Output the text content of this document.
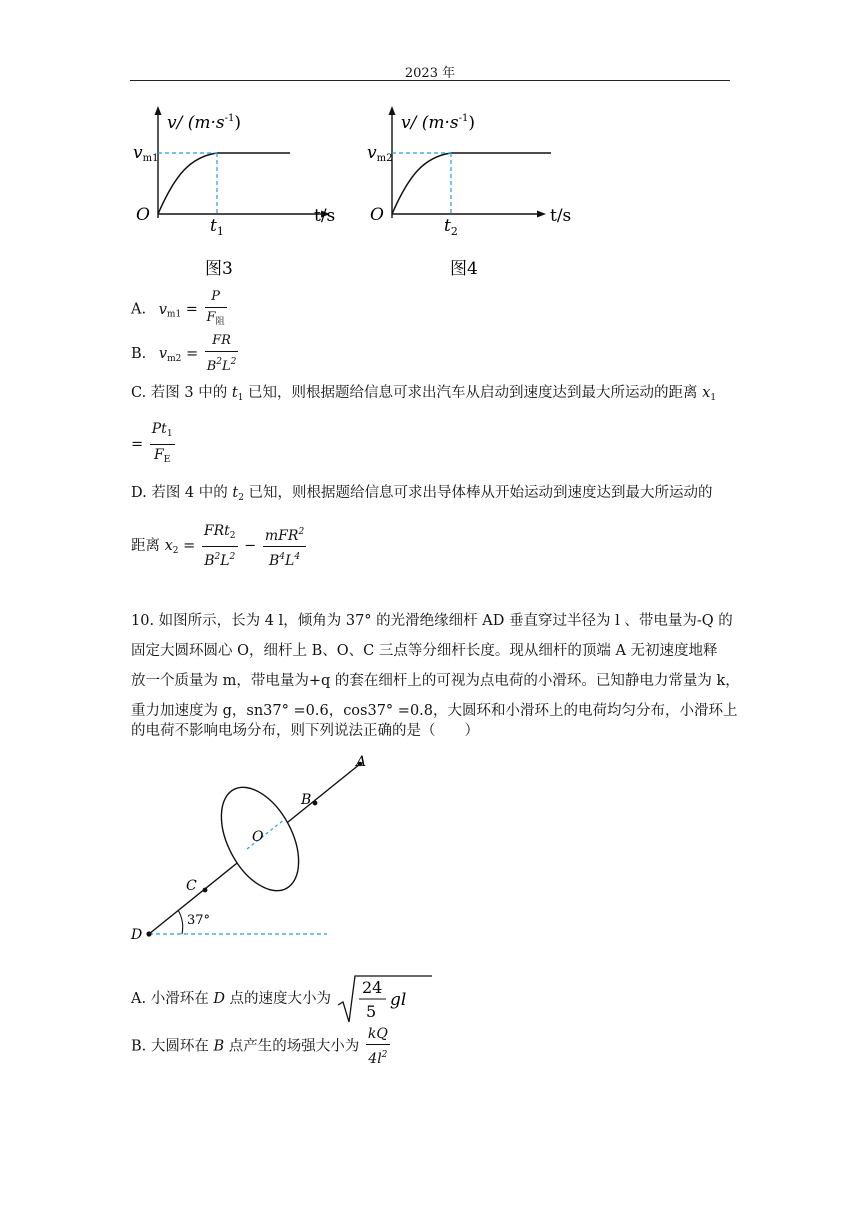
2023 年
v/ $(m\cdot s^{-1})$
vm1
O
$t_1$
t/s
图3
v/ $(m\cdot s^{-1})$
vm2
O
$t_2$
t/s
图4
A. $v_{m1} = \frac{P}{F_阻}$
B. $v_{m2} = \frac{FR}{B^2L^2}$
C. 若图 3 中的 $t_1$ 已知，则根据题给信息可求出汽车从启动到速度达到最大所运动的距离 $x_1$
= $\frac{Pt_1}{F_E}$
D. 若图 4 中的 $t_2$ 已知，则根据题给信息可求出导体棒从开始运动到速度达到最大所运动的
距离 $x_2 = \frac{FRt_2}{B^2L^2} - \frac{mFR^2}{B^4L^4}$
10. 如图所示，长为 4 l，倾角为 37° 的光滑绝缘细杆 AD 垂直穿过半径为 l 、带电量为-Q 的
固定大圆环圆心 O，细杆上 B、O、C 三点等分细杆长度。现从细杆的顶端 A 无初速度地释
放一个质量为 m，带电量为+q 的套在细杆上的可视为点电荷的小滑环。已知静电力常量为 k，
重力加速度为 g，sn37° =0.6，cos37° =0.8，大圆环和小滑环上的电荷均匀分布，小滑环上
的电荷不影响电场分布，则下列说法正确的是（　　）
A
B
O
C
D
37°
A. 小滑环在 D 点的速度大小为
24
5
gl
B. 大圆环在 B 点产生的场强大小为 $\frac{kQ}{4l^2}$
